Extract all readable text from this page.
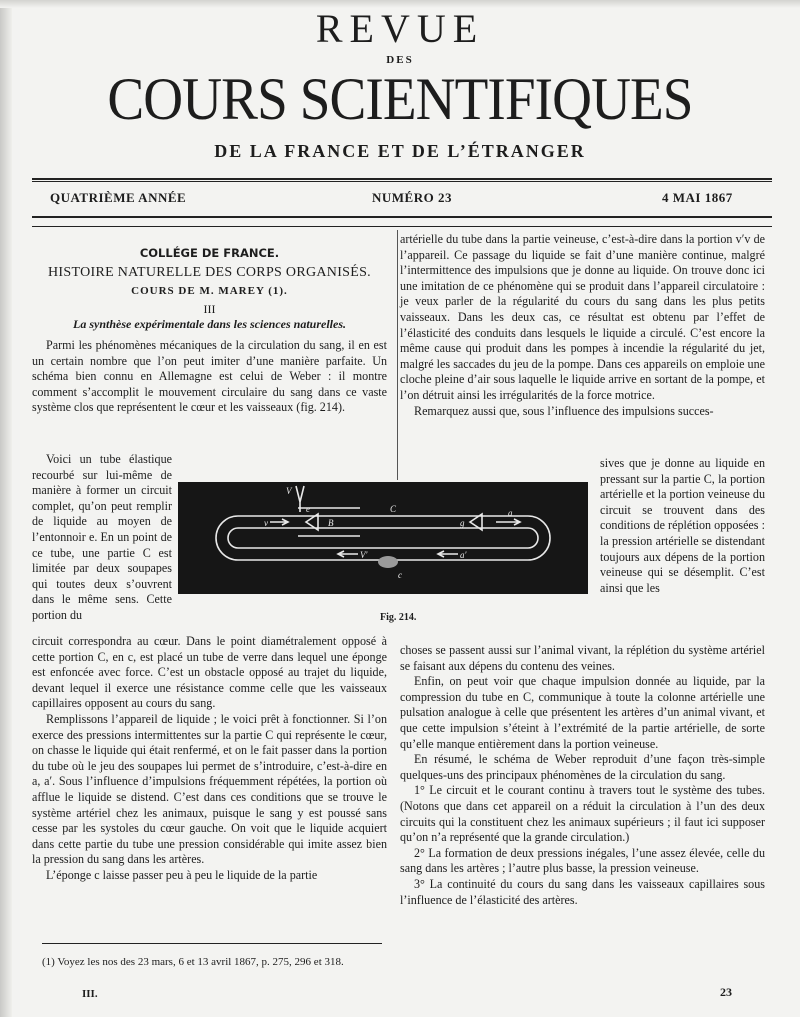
REVUE
DES
COURS SCIENTIFIQUES
DE LA FRANCE ET DE L’ÉTRANGER
QUATRIÈME ANNÉE	NUMÉRO 23	4 MAI 1867

COLLÉGE DE FRANCE.

HISTOIRE NATURELLE DES CORPS ORGANISÉS.

COURS DE M. MAREY (1).

III

La synthèse expérimentale dans les sciences naturelles.

Parmi les phénomènes mécaniques de la circulation du sang, il en est un certain nombre que l’on peut imiter d’une manière parfaite. Un schéma bien connu en Allemagne est celui de Weber : il montre comment s’accomplit le mouvement circulaire du sang dans ce vaste système clos que représentent le cœur et les vaisseaux (fig. 214).

Voici un tube élastique recourbé sur lui-même de manière à former un circuit complet, qu’on peut remplir de liquide au moyen de l’entonnoir e. En un point de ce tube, une partie C est limitée par deux soupapes qui toutes deux s’ouvrent dans le même sens. Cette portion du

circuit correspondra au cœur. Dans le point diamétralement opposé à cette portion C, en c, est placé un tube de verre dans lequel une éponge est enfoncée avec force. C’est un obstacle opposé au trajet du liquide, devant lequel il exerce une résistance comme celle que les vaisseaux capillaires opposent au cours du sang.

Remplissons l’appareil de liquide ; le voici prêt à fonctionner. Si l’on exerce des pressions intermittentes sur la partie C qui représente le cœur, on chasse le liquide qui était renfermé, et on le fait passer dans la portion du tube où le jeu des soupapes lui permet de s’introduire, c’est-à-dire en a, a′. Sous l’influence d’impulsions fréquemment répétées, la portion où afflue le liquide se distend. C’est dans ces conditions que se trouve le système artériel chez les animaux, puisque le sang y est poussé sans cesse par les systoles du cœur gauche. On voit que le liquide acquiert dans cette partie du tube une pression considérable qui imite assez bien la pression du sang dans les artères.

L’éponge c laisse passer peu à peu le liquide de la partie

artérielle du tube dans la partie veineuse, c’est-à-dire dans la portion v′v de l’appareil. Ce passage du liquide se fait d’une manière continue, malgré l’intermittence des impulsions que je donne au liquide. On trouve donc ici une imitation de ce phénomène qui se produit dans l’appareil circulatoire : je veux parler de la régularité du cours du sang dans les plus petits vaisseaux. Dans les deux cas, ce résultat est obtenu par l’effet de l’élasticité des conduits dans lesquels le liquide a circulé. C’est encore la même cause qui produit dans les pompes à incendie la régularité du jet, malgré les saccades du jeu de la pompe. Dans ces appareils on emploie une cloche pleine d’air sous laquelle le liquide arrive en sortant de la pompe, et l’on détruit ainsi les irrégularités de la force motrice.

Remarquez aussi que, sous l’influence des impulsions succes-

sives que je donne au liquide en pressant sur la partie C, la portion artérielle et la portion veineuse du circuit se trouvent dans des conditions de réplétion opposées : la pression artérielle se distendant toujours aux dépens de la portion veineuse qui se désemplit. C’est ainsi que les

choses se passent aussi sur l’animal vivant, la réplétion du système artériel se faisant aux dépens du contenu des veines.

Enfin, on peut voir que chaque impulsion donnée au liquide, par la compression du tube en C, communique à toute la colonne artérielle une pulsation analogue à celle que présentent les artères d’un animal vivant, et que cette impulsion s’éteint à l’extrémité de la partie artérielle, de sorte qu’elle manque entièrement dans la portion veineuse.

En résumé, le schéma de Weber reproduit d’une façon très-simple quelques-uns des principaux phénomènes de la circulation du sang.

1° Le circuit et le courant continu à travers tout le système des tubes. (Notons que dans cet appareil on a réduit la circulation à l’un des deux circuits qui la constituent chez les animaux supérieurs ; il faut ici supposer qu’on n’a représenté que la grande circulation.)

2° La formation de deux pressions inégales, l’une assez élevée, celle du sang dans les artères ; l’autre plus basse, la pression veineuse.

3° La continuité du cours du sang dans les vaisseaux capillaires sous l’influence de l’élasticité des artères.

V
e
B
v
C
g
a
V′	a′
c
Fig. 214.
(1) Voyez les nos des 23 mars, 6 et 13 avril 1867, p. 275, 296 et 318.
III.	23
